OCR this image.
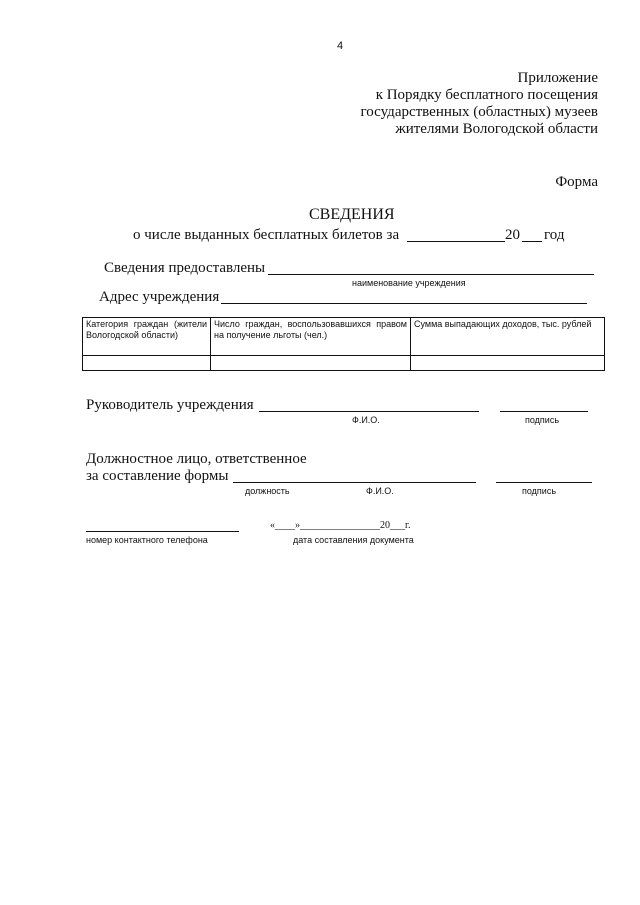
4
Приложение
к Порядку бесплатного посещения
государственных (областных) музеев
жителями Вологодской области
Форма
СВЕДЕНИЯ
о числе выданных бесплатных билетов за	20 год
Сведения предоставлены
наименование учреждения
Адрес учреждения
Категория граждан (жители Вологодской области)	Число граждан, воспользовавшихся правом на получение льготы (чел.)	Сумма выпадающих доходов, тыс. рублей

Руководитель учреждения
Ф.И.О.	подпись
Должностное лицо, ответственное
за составление формы
должность	Ф.И.О.	подпись
«____»________________20___г.
номер контактного телефона	дата составления документа
